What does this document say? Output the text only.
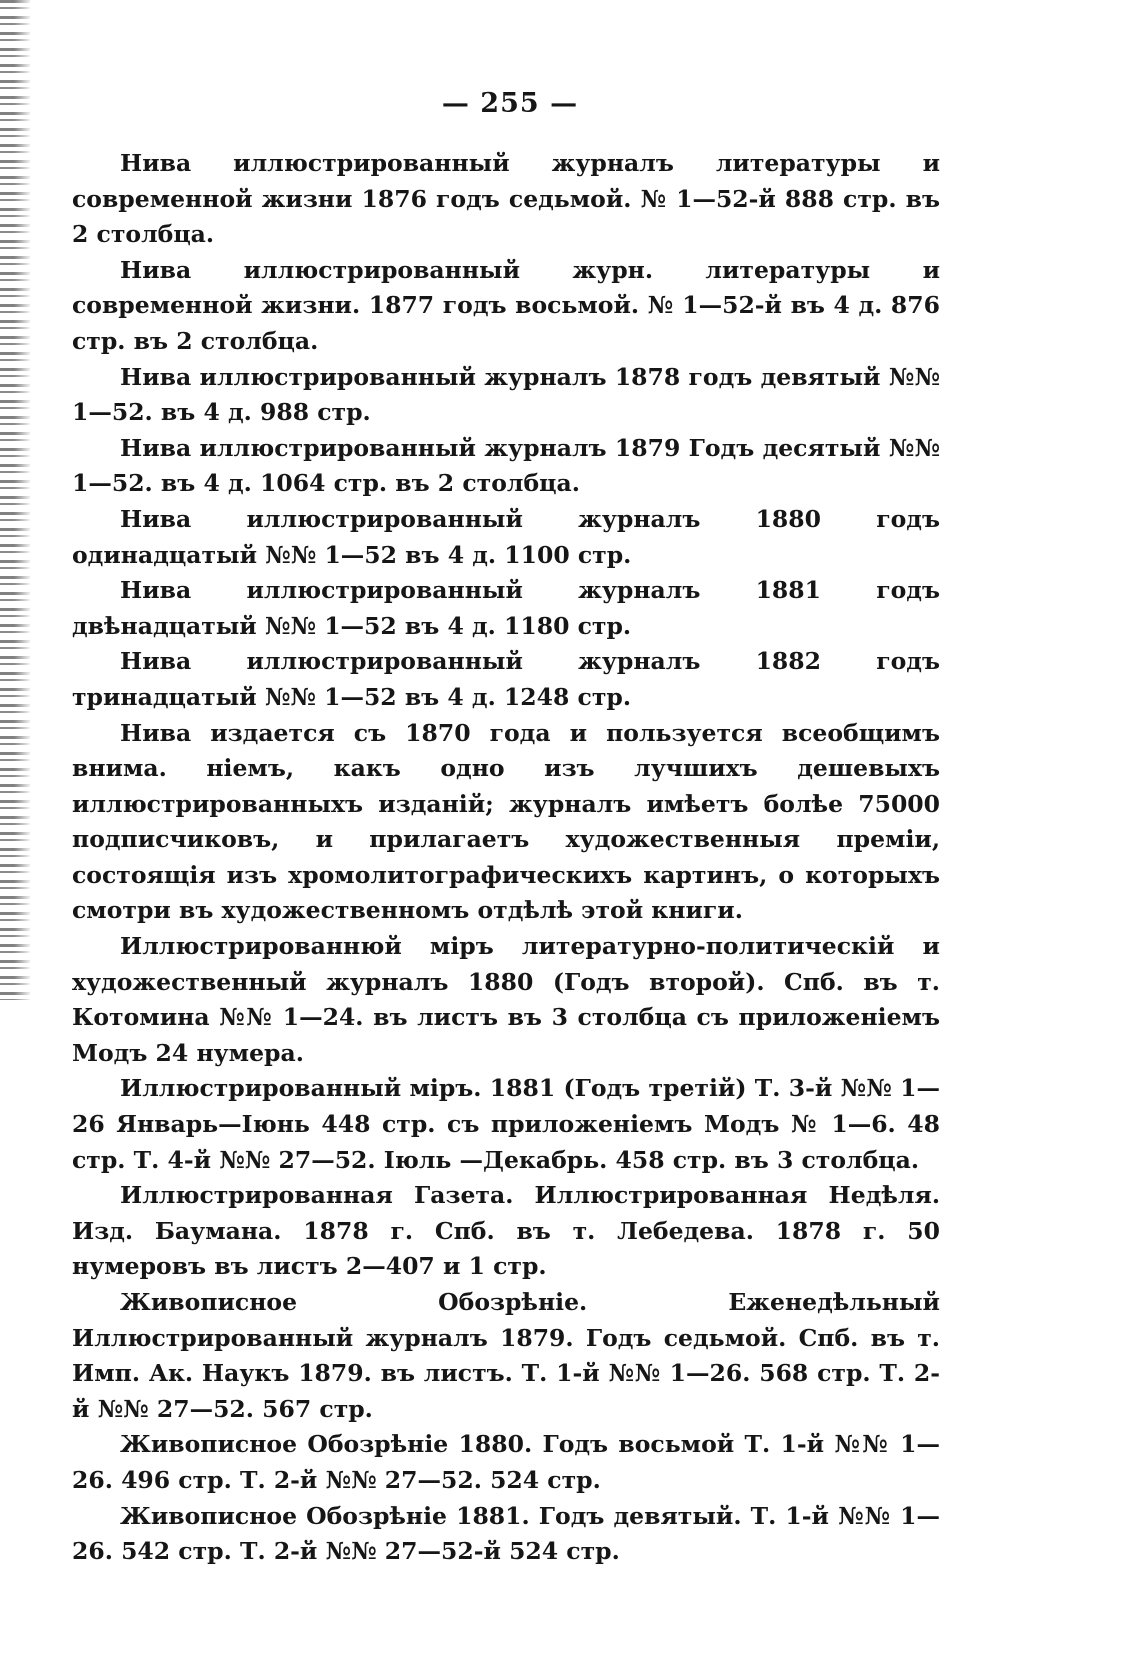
— 255 —

Нива иллюстрированный журналъ литературы и современной жизни 1876 годъ седьмой. № 1—52-й 888 стр. въ 2 столбца.

Нива иллюстрированный журн. литературы и современной жизни. 1877 годъ восьмой. № 1—52-й въ 4 д. 876 стр. въ 2 столбца.

Нива иллюстрированный журналъ 1878 годъ девятый №№ 1—52. въ 4 д. 988 стр.

Нива иллюстрированный журналъ 1879 Годъ десятый №№ 1—52. въ 4 д. 1064 стр. въ 2 столбца.

Нива иллюстрированный журналъ 1880 годъ одинадцатый №№ 1—52 въ 4 д. 1100 стр.

Нива иллюстрированный журналъ 1881 годъ двѣнадцатый №№ 1—52 въ 4 д. 1180 стр.

Нива иллюстрированный журналъ 1882 годъ тринадцатый №№ 1—52 въ 4 д. 1248 стр.

Нива издается съ 1870 года и пользуется всеобщимъ внима. ніемъ, какъ одно изъ лучшихъ дешевыхъ иллюстрированныхъ изданій; журналъ имѣетъ болѣе 75000 подписчиковъ, и прилагаетъ художественныя преміи, состоящія изъ хромолитографическихъ картинъ, о которыхъ смотри въ художественномъ отдѣлѣ этой книги.

Иллюстрированнюй міръ литературно-политическій и художественный журналъ 1880 (Годъ второй). Спб. въ т. Котомина №№ 1—24. въ листъ въ 3 столбца съ приложеніемъ Модъ 24 нумера.

Иллюстрированный міръ. 1881 (Годъ третій) Т. 3-й №№ 1—26 Январь—Іюнь 448 стр. съ приложеніемъ Модъ № 1—6. 48 стр. Т. 4-й №№ 27—52. Іюль —Декабрь. 458 стр. въ 3 столбца.

Иллюстрированная Газета. Иллюстрированная Недѣля. Изд. Баумана. 1878 г. Спб. въ т. Лебедева. 1878 г. 50 нумеровъ въ листъ 2—407 и 1 стр.

Живописное Обозрѣніе. Еженедѣльный Иллюстрированный журналъ 1879. Годъ седьмой. Спб. въ т. Имп. Ак. Наукъ 1879. въ листъ. Т. 1-й №№ 1—26. 568 стр. Т. 2-й №№ 27—52. 567 стр.

Живописное Обозрѣніе 1880. Годъ восьмой Т. 1-й №№ 1—26. 496 стр. Т. 2-й №№ 27—52. 524 стр.

Живописное Обозрѣніе 1881. Годъ девятый. Т. 1-й №№ 1—26. 542 стр. Т. 2-й №№ 27—52-й 524 стр.
